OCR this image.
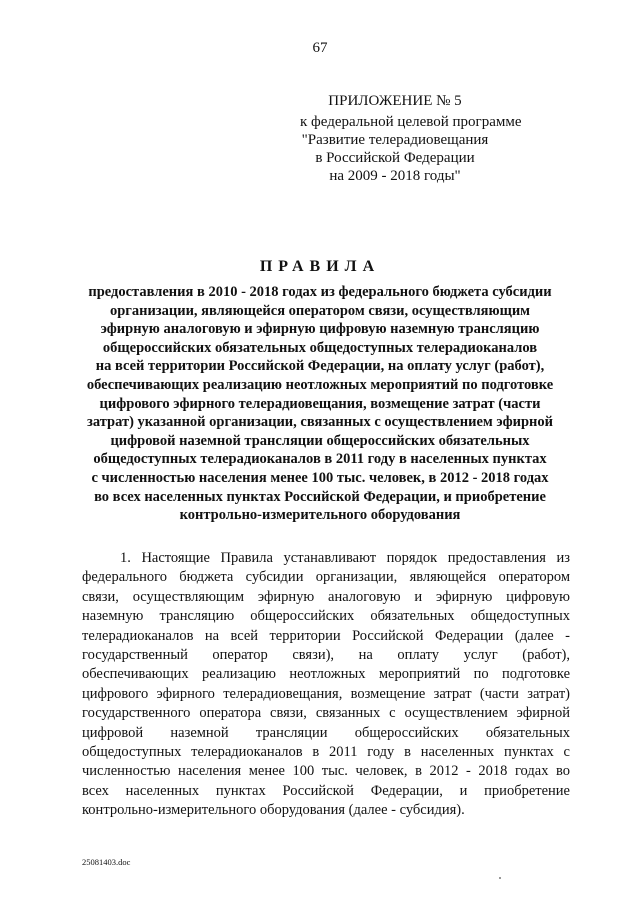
67
ПРИЛОЖЕНИЕ № 5
к федеральной целевой программе
"Развитие телерадиовещания
в Российской Федерации
на 2009 - 2018 годы"
ПРАВИЛА
предоставления в 2010 - 2018 годах из федерального бюджета субсидии
организации, являющейся оператором связи, осуществляющим
эфирную аналоговую и эфирную цифровую наземную трансляцию
общероссийских обязательных общедоступных телерадиоканалов
на всей территории Российской Федерации, на оплату услуг (работ),
обеспечивающих реализацию неотложных мероприятий по подготовке
цифрового эфирного телерадиовещания, возмещение затрат (части
затрат) указанной организации, связанных с осуществлением эфирной
цифровой наземной трансляции общероссийских обязательных
общедоступных телерадиоканалов в 2011 году в населенных пунктах
с численностью населения менее 100 тыс. человек, в 2012 - 2018 годах
во всех населенных пунктах Российской Федерации, и приобретение
контрольно-измерительного оборудования
1. Настоящие Правила устанавливают порядок предоставления из
федерального бюджета субсидии организации, являющейся оператором
связи, осуществляющим эфирную аналоговую и эфирную цифровую
наземную трансляцию общероссийских обязательных общедоступных
телерадиоканалов на всей территории Российской Федерации (далее -
государственный оператор связи), на оплату услуг (работ),
обеспечивающих реализацию неотложных мероприятий по подготовке
цифрового эфирного телерадиовещания, возмещение затрат (части затрат)
государственного оператора связи, связанных с осуществлением эфирной
цифровой наземной трансляции общероссийских обязательных
общедоступных телерадиоканалов в 2011 году в населенных пунктах с
численностью населения менее 100 тыс. человек, в 2012 - 2018 годах во
всех населенных пунктах Российской Федерации, и приобретение
контрольно-измерительного оборудования (далее - субсидия).
25081403.doc
